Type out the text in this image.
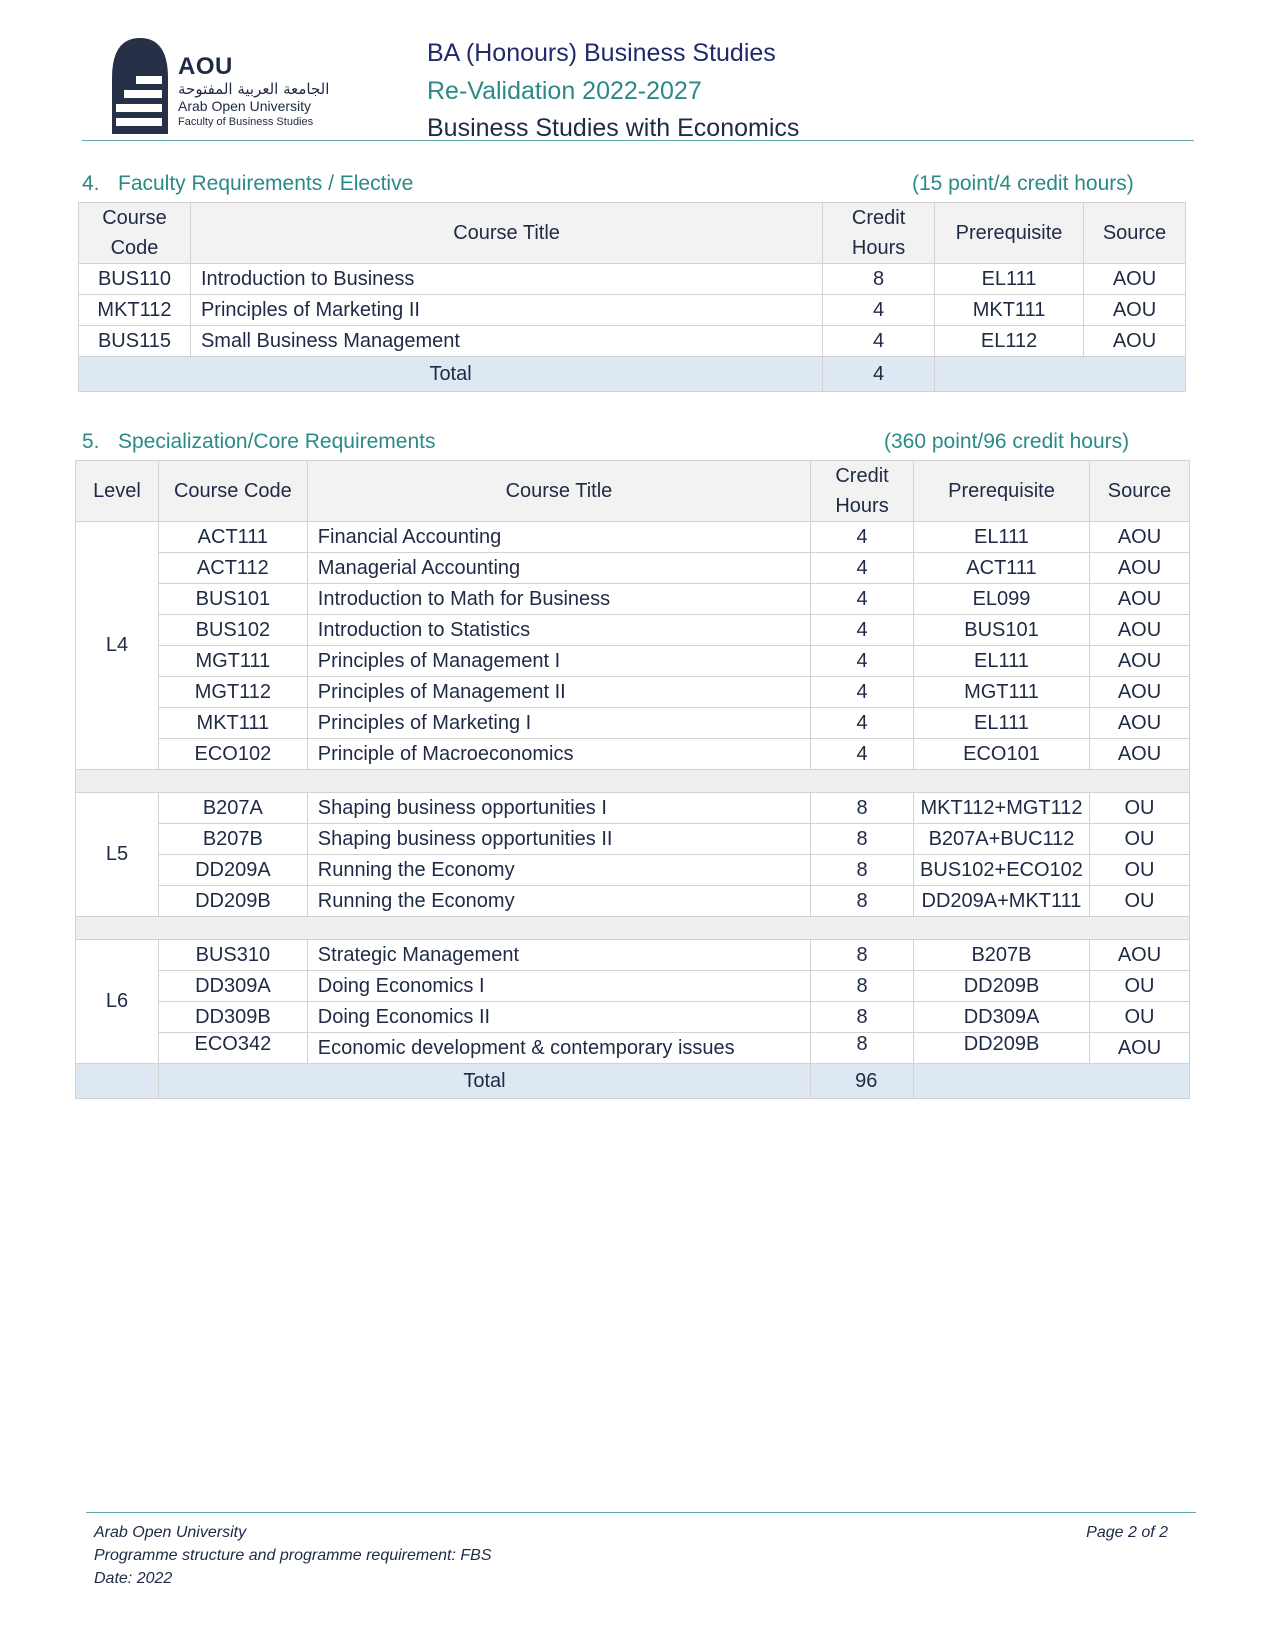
AOU
الجامعة العربية المفتوحة
Arab Open University
Faculty of Business Studies
BA (Honours) Business Studies
Re-Validation 2022-2027
Business Studies with Economics
4. Faculty Requirements / Elective	(15 point/4 credit hours)
Course Code	Course Title	Credit Hours	Prerequisite	Source
BUS110	Introduction to Business	8	EL111	AOU
MKT112	Principles of Marketing II	4	MKT111	AOU
BUS115	Small Business Management	4	EL112	AOU
Total		4		
5. Specialization/Core Requirements	(360 point/96 credit hours)
Level	Course Code	Course Title	Credit Hours	Prerequisite	Source
L4	ACT111	Financial Accounting	4	EL111	AOU
	ACT112	Managerial Accounting	4	ACT111	AOU
	BUS101	Introduction to Math for Business	4	EL099	AOU
	BUS102	Introduction to Statistics	4	BUS101	AOU
	MGT111	Principles of Management I	4	EL111	AOU
	MGT112	Principles of Management II	4	MGT111	AOU
	MKT111	Principles of Marketing I	4	EL111	AOU
	ECO102	Principle of Macroeconomics	4	ECO101	AOU

L5	B207A	Shaping business opportunities I	8	MKT112+MGT112	OU
	B207B	Shaping business opportunities II	8	B207A+BUC112	OU
	DD209A	Running the Economy	8	BUS102+ECO102	OU
	DD209B	Running the Economy	8	DD209A+MKT111	OU

L6	BUS310	Strategic Management	8	B207B	AOU
	DD309A	Doing Economics I	8	DD209B	OU
	DD309B	Doing Economics II	8	DD309A	OU
	ECO342	Economic development & contemporary issues	8	DD209B	AOU
	Total		96		
Arab Open University
Programme structure and programme requirement: FBS
Date: 2022
Page 2 of 2
